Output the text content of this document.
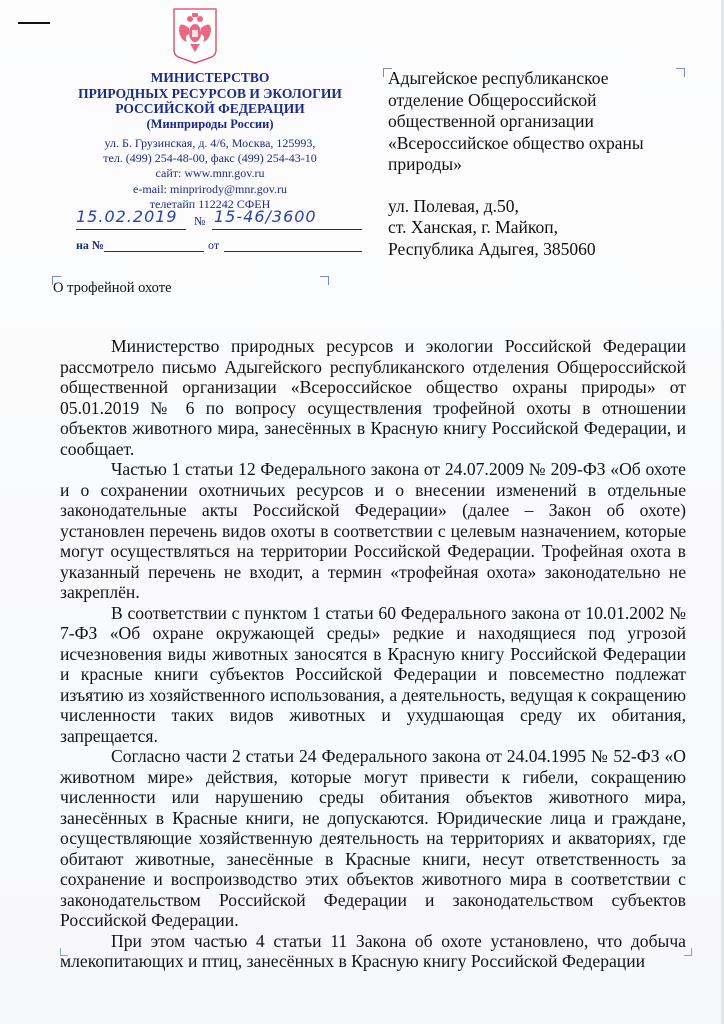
МИНИСТЕРСТВО
ПРИРОДНЫХ РЕСУРСОВ И ЭКОЛОГИИ
РОССИЙСКОЙ ФЕДЕРАЦИИ
(Минприроды России)
ул. Б. Грузинская, д. 4/6, Москва, 125993,
тел. (499) 254-48-00, факс (499) 254-43-10
сайт: www.mnr.gov.ru
e-mail: minprirody@mnr.gov.ru
телетайп 112242 СФЕН
15.02.2019 № 15-46/3600
на №	от
Адыгейское республиканское
отделение Общероссийской
общественной организации
«Всероссийское общество охраны
природы»
ул. Полевая, д.50,
ст. Ханская, г. Майкоп,
Республика Адыгея, 385060
О трофейной охоте

Министерство природных ресурсов и экологии Российской Федерации рассмотрело письмо Адыгейского республиканского отделения Общероссийской общественной организации «Всероссийское общество охраны природы» от 05.01.2019 № 6 по вопросу осуществления трофейной охоты в отношении объектов животного мира, занесённых в Красную книгу Российской Федерации, и сообщает.

Частью 1 статьи 12 Федерального закона от 24.07.2009 № 209-ФЗ «Об охоте и о сохранении охотничьих ресурсов и о внесении изменений в отдельные законодательные акты Российской Федерации» (далее – Закон об охоте) установлен перечень видов охоты в соответствии с целевым назначением, которые могут осуществляться на территории Российской Федерации. Трофейная охота в указанный перечень не входит, а термин «трофейная охота» законодательно не закреплён.

В соответствии с пунктом 1 статьи 60 Федерального закона от 10.01.2002 № 7-ФЗ «Об охране окружающей среды» редкие и находящиеся под угрозой исчезновения виды животных заносятся в Красную книгу Российской Федерации и красные книги субъектов Российской Федерации и повсеместно подлежат изъятию из хозяйственного использования, а деятельность, ведущая к сокращению численности таких видов животных и ухудшающая среду их обитания, запрещается.

Согласно части 2 статьи 24 Федерального закона от 24.04.1995 № 52-ФЗ «О животном мире» действия, которые могут привести к гибели, сокращению численности или нарушению среды обитания объектов животного мира, занесённых в Красные книги, не допускаются. Юридические лица и граждане, осуществляющие хозяйственную деятельность на территориях и акваториях, где обитают животные, занесённые в Красные книги, несут ответственность за сохранение и воспроизводство этих объектов животного мира в соответствии с законодательством Российской Федерации и законодательством субъектов Российской Федерации.

При этом частью 4 статьи 11 Закона об охоте установлено, что добыча млекопитающих и птиц, занесённых в Красную книгу Российской Федерации
